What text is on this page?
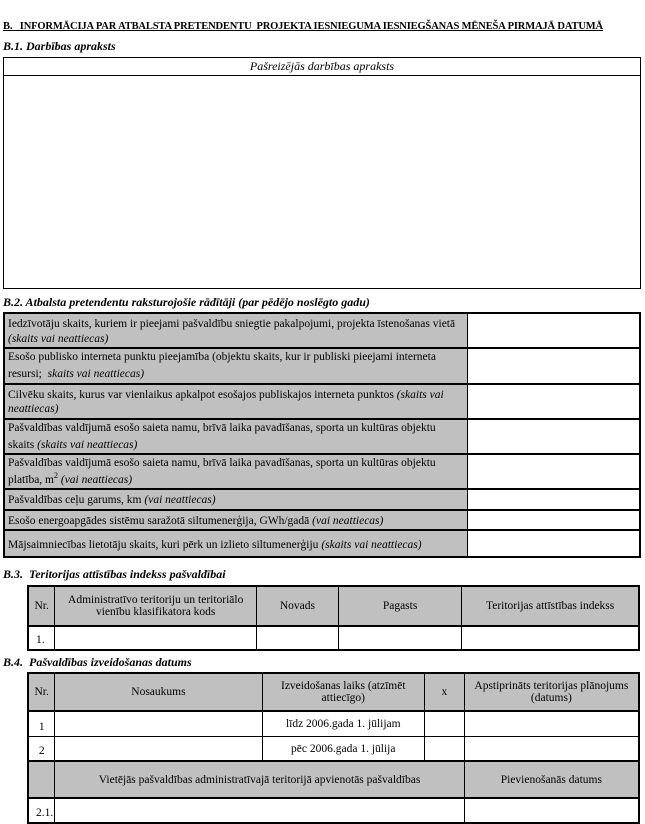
B.   INFORMĀCIJA PAR ATBALSTA PRETENDENTU  PROJEKTA IESNIEGUMA IESNIEGŠANAS MĒNEŠA PIRMAJĀ DATUMĀ
B.1. Darbības apraksts
Pašreizējās darbības apraksts

B.2. Atbalsta pretendentu raksturojošie rādītāji (par pēdējo noslēgto gadu)
Iedzīvotāju skaits, kuriem ir pieejami pašvaldību sniegtie pakalpojumi, projekta īstenošanas vietā (skaits vai neattiecas)	
Esošo publisko interneta punktu pieejamība (objektu skaits, kur ir publiski pieejami interneta resursi;  skaits vai neattiecas)	
Cilvēku skaits, kurus var vienlaikus apkalpot esošajos publiskajos interneta punktos (skaits vai neattiecas)	
Pašvaldības valdījumā esošo saieta namu, brīvā laika pavadīšanas, sporta un kultūras objektu skaits (skaits vai neattiecas)	
Pašvaldības valdījumā esošo saieta namu, brīvā laika pavadīšanas, sporta un kultūras objektu platība, $m^2$ (vai neattiecas)	
Pašvaldības ceļu garums, km (vai neattiecas)	
Esošo energoapgādes sistēmu saražotā siltumenerģija, GWh/gadā (vai neattiecas)	
Mājsaimniecības lietotāju skaits, kuri pērk un izlieto siltumenerģiju (skaits vai neattiecas)	
B.3.  Teritorijas attīstības indekss pašvaldībai
Nr.	Administratīvo teritoriju un teritoriālo vienību klasifikatora kods	Novads	Pagasts	Teritorijas attīstības indekss
1.				
B.4.  Pašvaldības izveidošanas datums
Nr.	Nosaukums	Izveidošanas laiks (atzīmēt attiecīgo)	x	Apstiprināts teritorijas plānojums (datums)
1		līdz 2006.gada 1. jūlijam		
2		pēc 2006.gada 1. jūlija		
	Vietējās pašvaldības administratīvajā teritorijā apvienotās pašvaldības			Pievienošanās datums
2.1.				
